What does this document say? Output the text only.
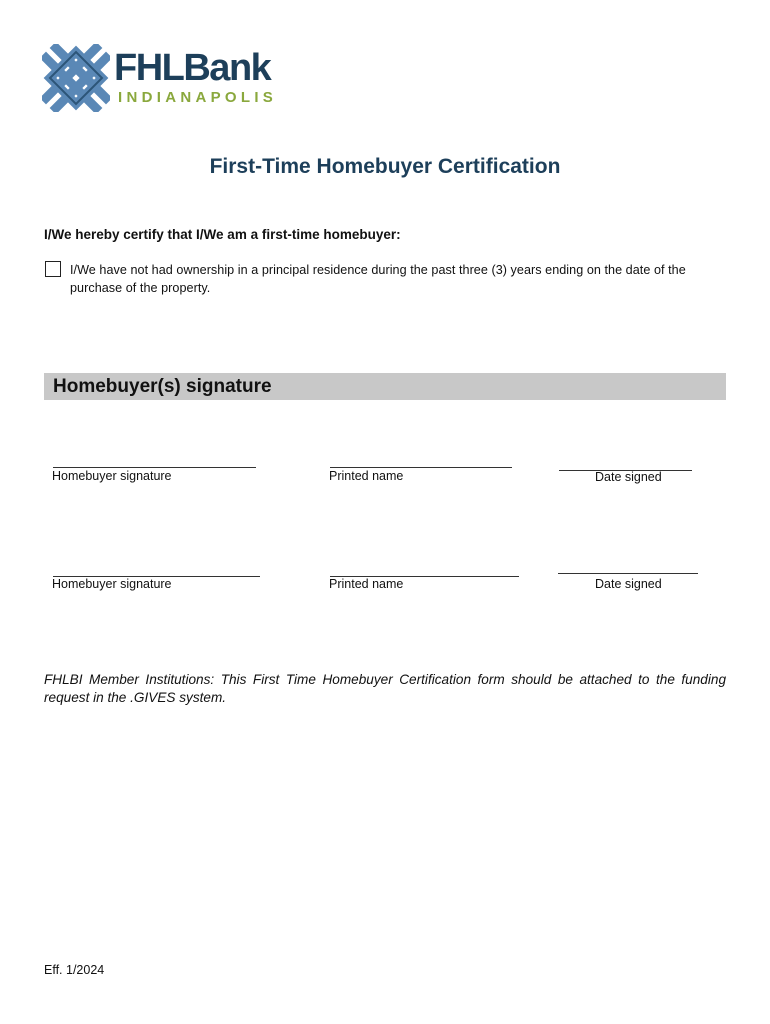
FHLBank
INDIANAPOLIS
First-Time Homebuyer Certification
I/We hereby certify that I/We am a first-time homebuyer:
I/We have not had ownership in a principal residence during the past three (3) years ending on the date of the purchase of the property.
Homebuyer(s) signature
Homebuyer signature	Printed name	Date signed
Homebuyer signature	Printed name	Date signed
FHLBI Member Institutions: This First Time Homebuyer Certification form should be attached to the funding request in the .GIVES system.
Eff. 1/2024
